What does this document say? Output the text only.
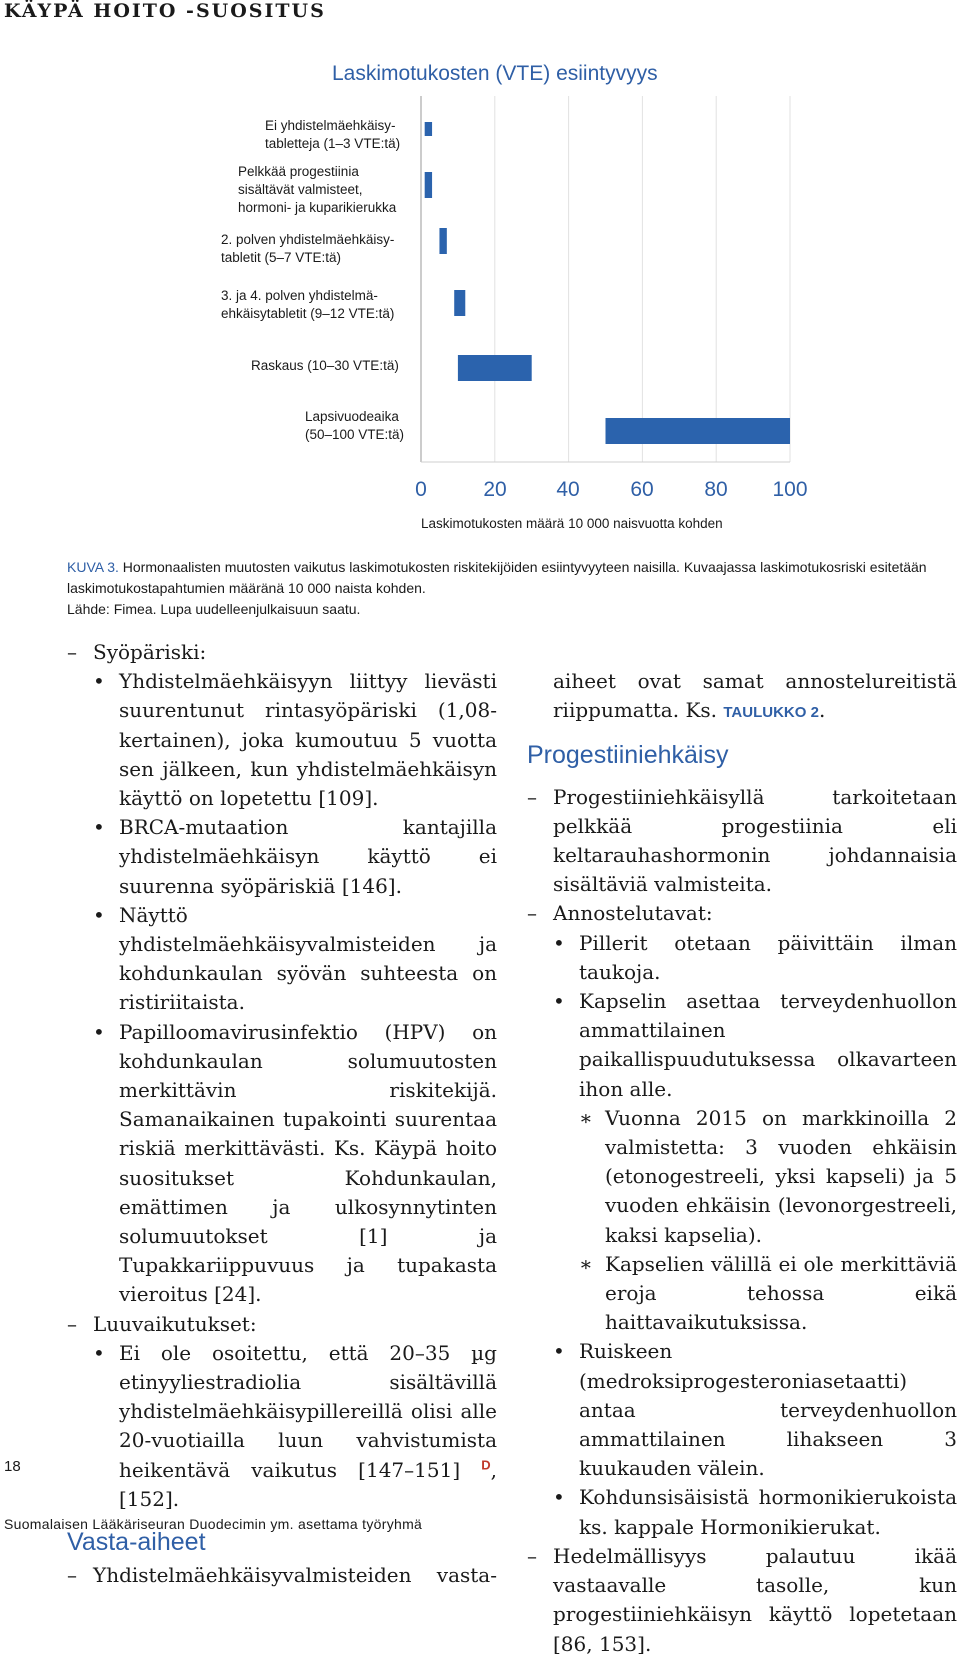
KÄYPÄ HOITO -SUOSITUS
Laskimotukosten (VTE) esiintyvyys
Ei yhdistelmäehkäisy-
tabletteja (1–3 VTE:tä)
Pelkkää progestiinia
sisältävät valmisteet,
hormoni- ja kuparikierukka
2. polven yhdistelmäehkäisy-
tabletit (5–7 VTE:tä)
3. ja 4. polven yhdistelmä-
ehkäisytabletit (9–12 VTE:tä)
Raskaus (10–30 VTE:tä)
Lapsivuodeaika
(50–100 VTE:tä)
0	20 40 60 80 100
Laskimotukosten määrä 10 000 naisvuotta kohden
KUVA 3. Hormonaalisten muutosten vaikutus laskimotukosten riskitekijöiden esiintyvyyteen naisilla. Kuvaajassa laskimotukosriski esitetään laskimotukostapahtumien määränä 10 000 naista kohden.
Lähde: Fimea. Lupa uudelleenjulkaisuun saatu.
– Syöpäriski:
• Yhdistelmäehkäisyyn liittyy lievästi suurentunut rintasyöpäriski (1,08-kertainen), joka kumoutuu 5 vuotta sen jälkeen, kun yhdistelmäehkäisyn käyttö on lopetettu [109].
• BRCA-mutaation kantajilla yhdistelmäehkäisyn käyttö ei suurenna syöpäriskiä [146].
• Näyttö yhdistelmäehkäisyvalmisteiden ja kohdunkaulan syövän suhteesta on ristiriitaista.
• Papilloomavirusinfektio (HPV) on kohdunkaulan solumuutosten merkittävin riskitekijä. Samanaikainen tupakointi suurentaa riskiä merkittävästi. Ks. Käypä hoito suositukset Kohdunkaulan, emättimen ja ulkosynnytinten solumuutokset [1] ja Tupakkariippuvuus ja tupakasta vieroitus [24].
– Luuvaikutukset:
• Ei ole osoitettu, että 20–35 µg etinyyliestradiolia sisältävillä yhdistelmäehkäisypillereillä olisi alle 20-vuotiailla luun vahvistumista heikentävä vaikutus [147–151] $^D$, [152].
Vasta-aiheet
– Yhdistelmäehkäisyvalmisteiden vasta-
aiheet ovat samat annostelureitistä riippumatta. Ks. TAULUKKO 2.
Progestiiniehkäisy
– Progestiiniehkäisyllä tarkoitetaan pelkkää progestiinia eli keltarauhashormonin johdannaisia sisältäviä valmisteita.
– Annostelutavat:
• Pillerit otetaan päivittäin ilman taukoja.
• Kapselin asettaa terveydenhuollon ammattilainen paikallispuudutuksessa olkavarteen ihon alle.
∗ Vuonna 2015 on markkinoilla 2 valmistetta: 3 vuoden ehkäisin (etonogestreeli, yksi kapseli) ja 5 vuoden ehkäisin (levonorgestreeli, kaksi kapselia).
∗ Kapselien välillä ei ole merkittäviä eroja tehossa eikä haittavaikutuksissa.
• Ruiskeen (medroksiprogesteroniasetaatti) antaa terveydenhuollon ammattilainen lihakseen 3 kuukauden välein.
• Kohdunsisäisistä hormonikierukoista ks. kappale Hormonikierukat.
– Hedelmällisyys palautuu ikää vastaavalle tasolle, kun progestiiniehkäisyn käyttö lopetetaan [86, 153].
18
Suomalaisen Lääkäriseuran Duodecimin ym. asettama työryhmä
